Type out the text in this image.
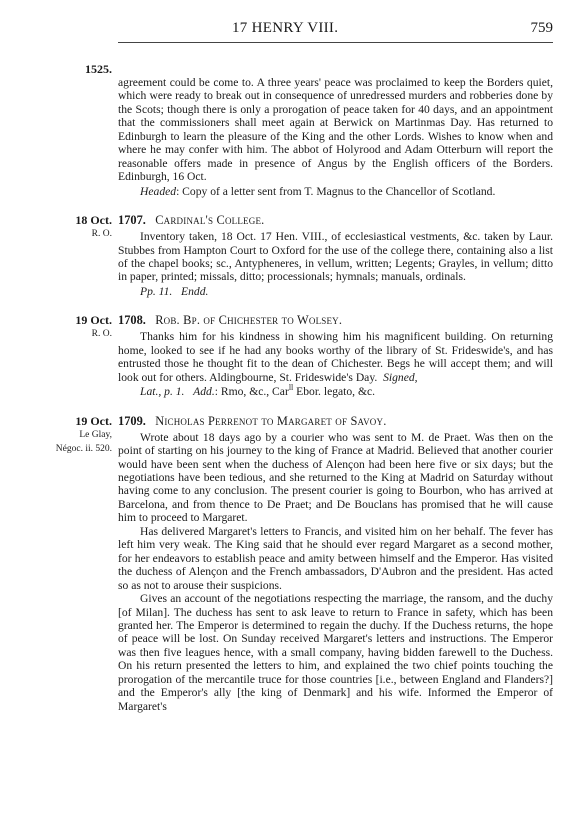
17 HENRY VIII.	759
1525.

agreement could be come to. A three years' peace was proclaimed to keep the Borders quiet, which were ready to break out in consequence of unredressed murders and robberies done by the Scots; though there is only a prorogation of peace taken for 40 days, and an appointment that the commissioners shall meet again at Berwick on Martinmas Day. Has returned to Edinburgh to learn the pleasure of the King and the other Lords. Wishes to know when and where he may confer with him. The abbot of Holyrood and Adam Otterburn will report the reasonable offers made in presence of Angus by the English officers of the Borders. Edinburgh, 16 Oct.

Headed: Copy of a letter sent from T. Magnus to the Chancellor of Scotland.

18 Oct.
R. O.

1707. Cardinal's College.

Inventory taken, 18 Oct. 17 Hen. VIII., of ecclesiastical vestments, &c. taken by Laur. Stubbes from Hampton Court to Oxford for the use of the college there, containing also a list of the chapel books; sc., Antypheneres, in vellum, written; Legents; Grayles, in vellum; ditto in paper, printed; missals, ditto; processionals; hymnals; manuals, ordinals.

Pp. 11. Endd.

19 Oct.
R. O.

1708. Rob. Bp. of Chichester to Wolsey.

Thanks him for his kindness in showing him his magnificent building. On returning home, looked to see if he had any books worthy of the library of St. Frideswide's, and has entrusted those he thought fit to the dean of Chichester. Begs he will accept them; and will look out for others. Aldingbourne, St. Frideswide's Day. Signed,

Lat., p. 1. Add.: Rmo, &c., Car$^{ll}$ Ebor. legato, &c.

19 Oct.
Le Glay,
Négoc. ii. 520.

1709. Nicholas Perrenot to Margaret of Savoy.

Wrote about 18 days ago by a courier who was sent to M. de Praet. Was then on the point of starting on his journey to the king of France at Madrid. Believed that another courier would have been sent when the duchess of Alençon had been here five or six days; but the negotiations have been tedious, and she returned to the King at Madrid on Saturday without having come to any conclusion. The present courier is going to Bourbon, who has arrived at Barcelona, and from thence to De Praet; and De Bouclans has promised that he will cause him to proceed to Margaret.

Has delivered Margaret's letters to Francis, and visited him on her behalf. The fever has left him very weak. The King said that he should ever regard Margaret as a second mother, for her endeavors to establish peace and amity between himself and the Emperor. Has visited the duchess of Alençon and the French ambassadors, D'Aubron and the president. Has acted so as not to arouse their suspicions.

Gives an account of the negotiations respecting the marriage, the ransom, and the duchy [of Milan]. The duchess has sent to ask leave to return to France in safety, which has been granted her. The Emperor is determined to regain the duchy. If the Duchess returns, the hope of peace will be lost. On Sunday received Margaret's letters and instructions. The Emperor was then five leagues hence, with a small company, having bidden farewell to the Duchess. On his return presented the letters to him, and explained the two chief points touching the prorogation of the mercantile truce for those countries [i.e., between England and Flanders?] and the Emperor's ally [the king of Denmark] and his wife. Informed the Emperor of Margaret's
